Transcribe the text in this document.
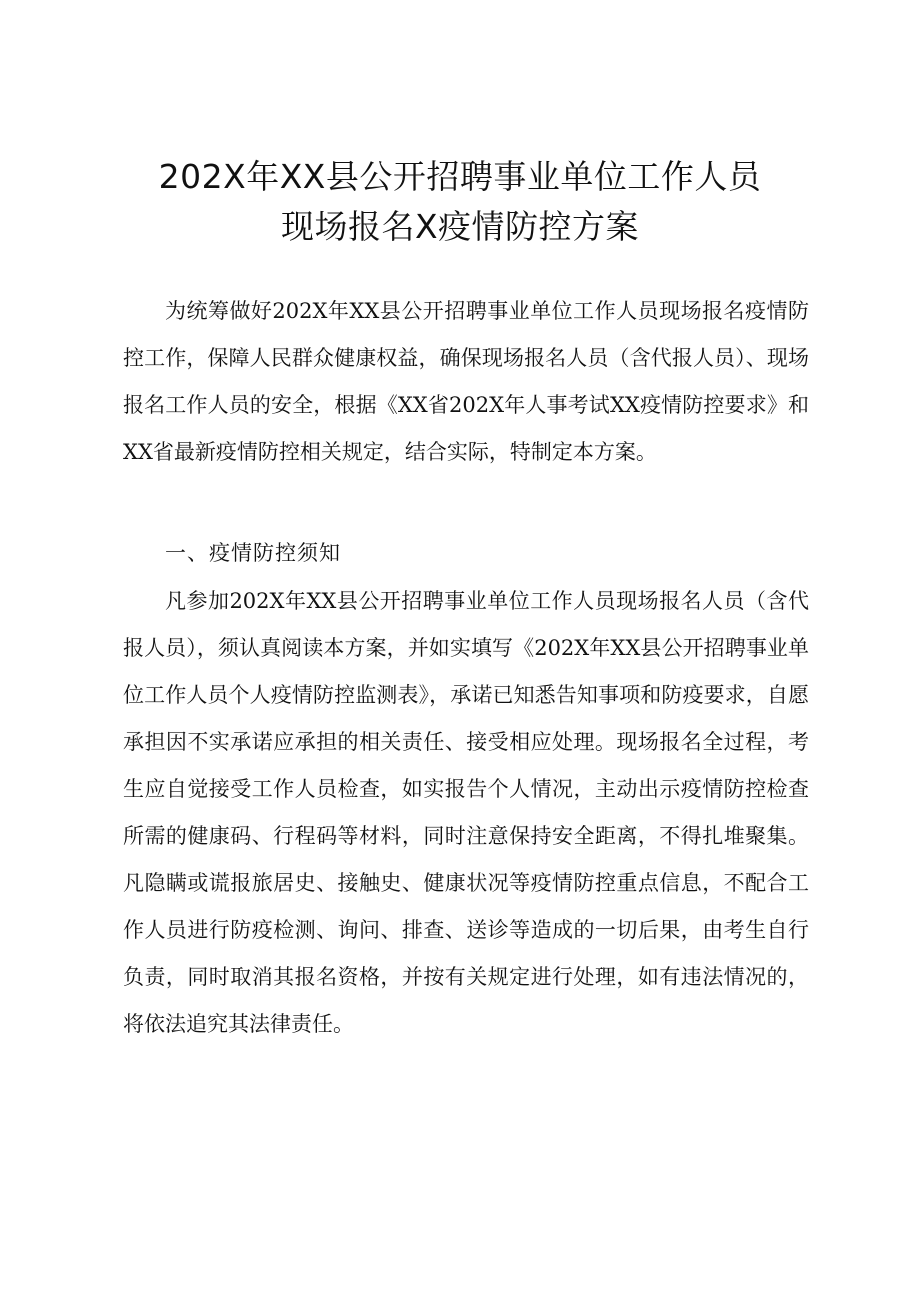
202X年XX县公开招聘事业单位工作人员
现场报名X疫情防控方案

为统筹做好202X年XX县公开招聘事业单位工作人员现场报名疫情防控工作，保障人民群众健康权益，确保现场报名人员（含代报人员）、现场报名工作人员的安全，根据《XX省202X年人事考试XX疫情防控要求》和XX省最新疫情防控相关规定，结合实际，特制定本方案。

一、疫情防控须知

凡参加202X年XX县公开招聘事业单位工作人员现场报名人员（含代报人员），须认真阅读本方案，并如实填写《202X年XX县公开招聘事业单位工作人员个人疫情防控监测表》，承诺已知悉告知事项和防疫要求，自愿承担因不实承诺应承担的相关责任、接受相应处理。现场报名全过程，考生应自觉接受工作人员检查，如实报告个人情况，主动出示疫情防控检查所需的健康码、行程码等材料，同时注意保持安全距离，不得扎堆聚集。凡隐瞒或谎报旅居史、接触史、健康状况等疫情防控重点信息，不配合工作人员进行防疫检测、询问、排查、送诊等造成的一切后果，由考生自行负责，同时取消其报名资格，并按有关规定进行处理，如有违法情况的，将依法追究其法律责任。
